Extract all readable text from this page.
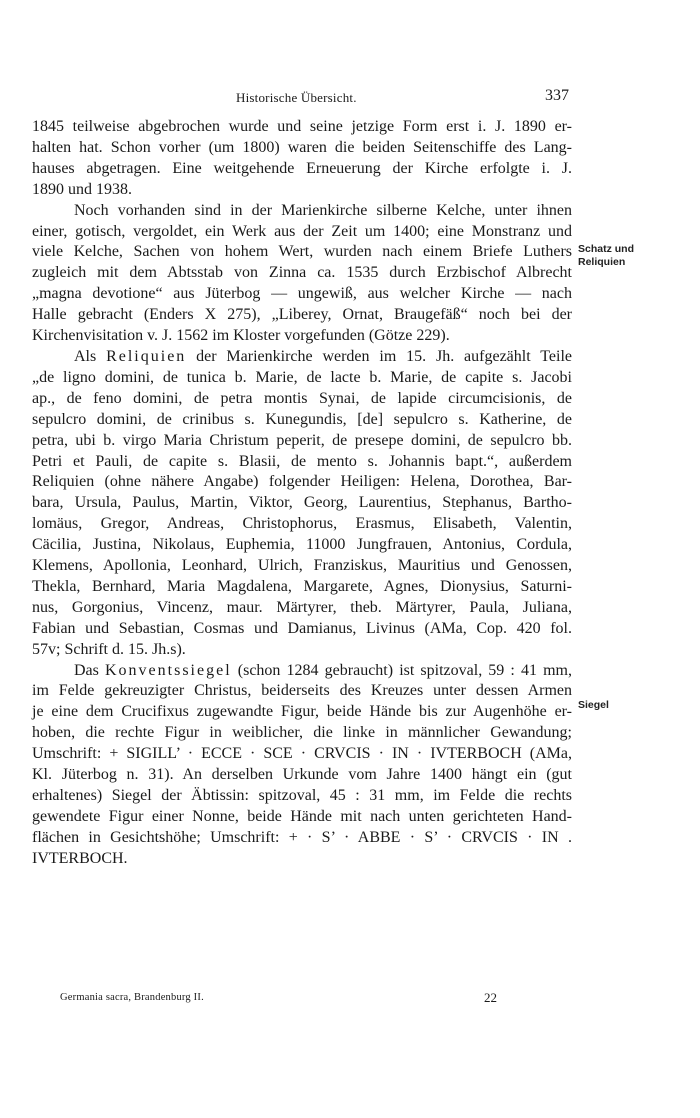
Historische Übersicht.	337

1845 teilweise abgebrochen wurde und seine jetzige Form erst i. J. 1890 er-

halten hat. Schon vorher (um 1800) waren die beiden Seitenschiffe des Lang-

hauses abgetragen. Eine weitgehende Erneuerung der Kirche erfolgte i. J.

1890 und 1938.

Noch vorhanden sind in der Marienkirche silberne Kelche, unter ihnen

einer, gotisch, vergoldet, ein Werk aus der Zeit um 1400; eine Monstranz und

viele Kelche, Sachen von hohem Wert, wurden nach einem Briefe Luthers

zugleich mit dem Abtsstab von Zinna ca. 1535 durch Erzbischof Albrecht

„magna devotione“ aus Jüterbog — ungewiß, aus welcher Kirche — nach

Halle gebracht (Enders X 275), „Liberey, Ornat, Braugefäß“ noch bei der

Kirchenvisitation v. J. 1562 im Kloster vorgefunden (Götze 229).

Als Reliquien der Marienkirche werden im 15. Jh. aufgezählt Teile

„de ligno domini, de tunica b. Marie, de lacte b. Marie, de capite s. Jacobi

ap., de feno domini, de petra montis Synai, de lapide circumcisionis, de

sepulcro domini, de crinibus s. Kunegundis, [de] sepulcro s. Katherine, de

petra, ubi b. virgo Maria Christum peperit, de presepe domini, de sepulcro bb.

Petri et Pauli, de capite s. Blasii, de mento s. Johannis bapt.“, außerdem

Reliquien (ohne nähere Angabe) folgender Heiligen: Helena, Dorothea, Bar-

bara, Ursula, Paulus, Martin, Viktor, Georg, Laurentius, Stephanus, Bartho-

lomäus, Gregor, Andreas, Christophorus, Erasmus, Elisabeth, Valentin,

Cäcilia, Justina, Nikolaus, Euphemia, 11000 Jungfrauen, Antonius, Cordula,

Klemens, Apollonia, Leonhard, Ulrich, Franziskus, Mauritius und Genossen,

Thekla, Bernhard, Maria Magdalena, Margarete, Agnes, Dionysius, Saturni-

nus, Gorgonius, Vincenz, maur. Märtyrer, theb. Märtyrer, Paula, Juliana,

Fabian und Sebastian, Cosmas und Damianus, Livinus (AMa, Cop. 420 fol.

57v; Schrift d. 15. Jh.s).

Das Konventssiegel (schon 1284 gebraucht) ist spitzoval, 59 : 41 mm,

im Felde gekreuzigter Christus, beiderseits des Kreuzes unter dessen Armen

je eine dem Crucifixus zugewandte Figur, beide Hände bis zur Augenhöhe er-

hoben, die rechte Figur in weiblicher, die linke in männlicher Gewandung;

Umschrift: + SIGILL’ · ECCE · SCE · CRVCIS · IN · IVTERBOCH (AMa,

Kl. Jüterbog n. 31). An derselben Urkunde vom Jahre 1400 hängt ein (gut

erhaltenes) Siegel der Äbtissin: spitzoval, 45 : 31 mm, im Felde die rechts

gewendete Figur einer Nonne, beide Hände mit nach unten gerichteten Hand-

flächen in Gesichtshöhe; Umschrift: + · S’ · ABBE · S’ · CRVCIS · IN .

IVTERBOCH.

Schatz und
Reliquien
Siegel
Germania sacra, Brandenburg II.	22
